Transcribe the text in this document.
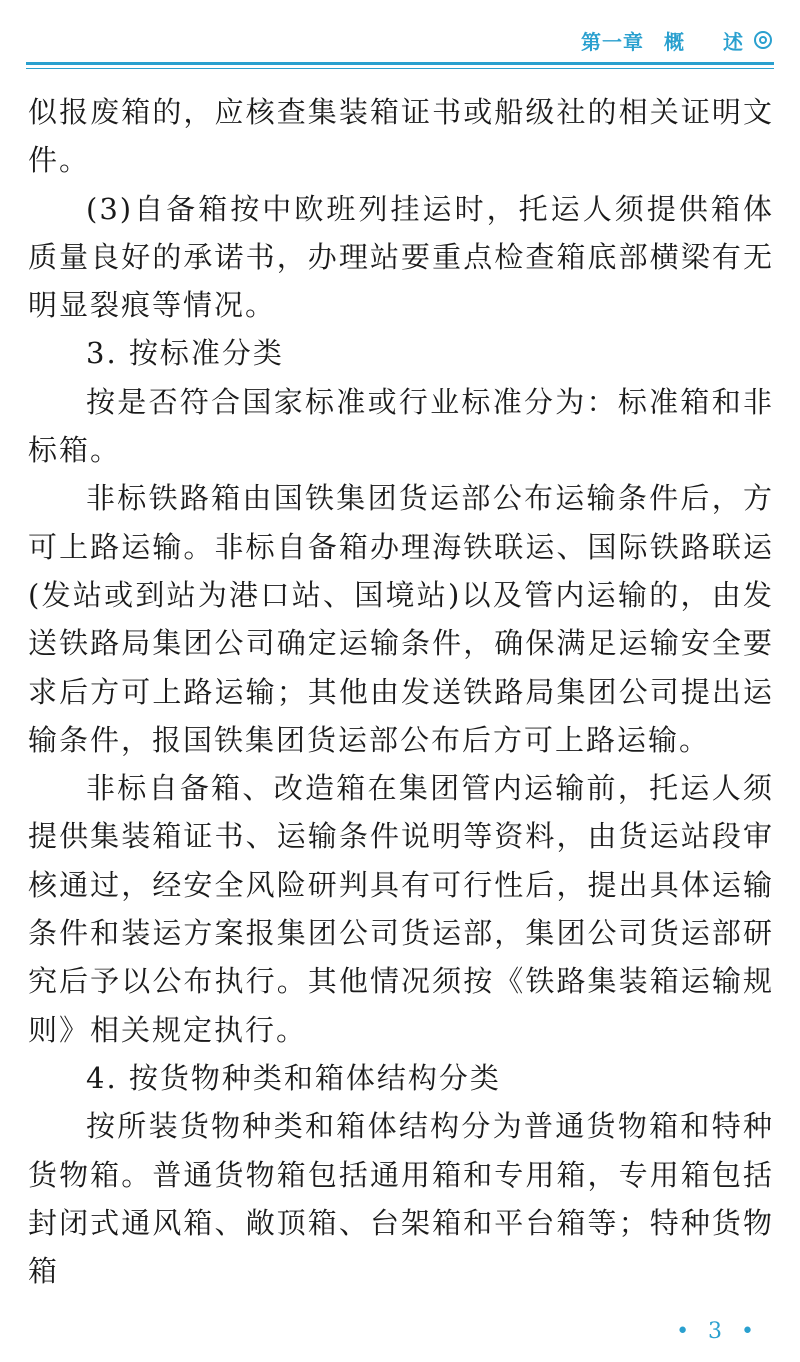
第一章 概 述

似报废箱的，应核查集装箱证书或船级社的相关证明文件。

(3)自备箱按中欧班列挂运时，托运人须提供箱体质量良好的承诺书，办理站要重点检查箱底部横梁有无明显裂痕等情况。

3. 按标准分类

按是否符合国家标准或行业标准分为：标准箱和非标箱。

非标铁路箱由国铁集团货运部公布运输条件后，方可上路运输。非标自备箱办理海铁联运、国际铁路联运(发站或到站为港口站、国境站)以及管内运输的，由发送铁路局集团公司确定运输条件，确保满足运输安全要求后方可上路运输；其他由发送铁路局集团公司提出运输条件，报国铁集团货运部公布后方可上路运输。

非标自备箱、改造箱在集团管内运输前，托运人须提供集装箱证书、运输条件说明等资料，由货运站段审核通过，经安全风险研判具有可行性后，提出具体运输条件和装运方案报集团公司货运部，集团公司货运部研究后予以公布执行。其他情况须按《铁路集装箱运输规则》相关规定执行。

4. 按货物种类和箱体结构分类

按所装货物种类和箱体结构分为普通货物箱和特种货物箱。普通货物箱包括通用箱和专用箱，专用箱包括封闭式通风箱、敞顶箱、台架箱和平台箱等；特种货物箱

• 3 •
